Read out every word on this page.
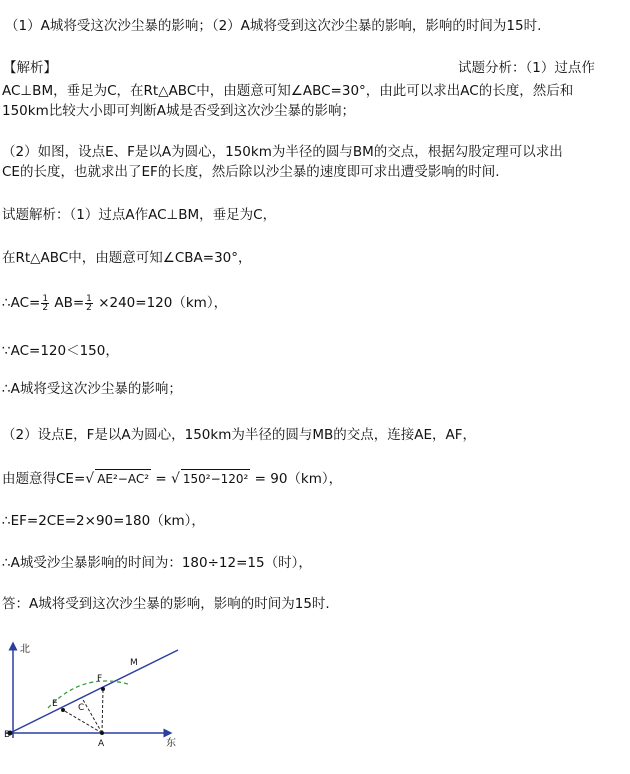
（1）A城将受这次沙尘暴的影响；（2）A城将受到这次沙尘暴的影响，影响的时间为15时.
【解析】	试题分析：（1）过点作
AC⊥BM，垂足为C，在Rt△ABC中，由题意可知∠ABC=30°，由此可以求出AC的长度，然后和
150km比较大小即可判断A城是否受到这次沙尘暴的影响；
（2）如图，设点E、F是以A为圆心，150km为半径的圆与BM的交点，根据勾股定理可以求出
CE的长度，也就求出了EF的长度，然后除以沙尘暴的速度即可求出遭受影响的时间.
试题解析：（1）过点A作AC⊥BM，垂足为C，
在Rt△ABC中，由题意可知∠CBA=30°，
∴AC= $\frac{1}{2} AB= \frac{1}{2} \times 240=120(km)$，
∵AC=120＜150，
∴A城将受这次沙尘暴的影响；
（2）设点E，F是以A为圆心，150km为半径的圆与MB的交点，连接AE，AF，
由题意得CE=√ AE²−AC² = √ 150²−120² = 90（km），
∴EF=2CE=2×90=180（km），
∴A城受沙尘暴影响的时间为：180÷12=15（时），
答：A城将受到这次沙尘暴的影响，影响的时间为15时.
北
东
M
F
E C
A
B
